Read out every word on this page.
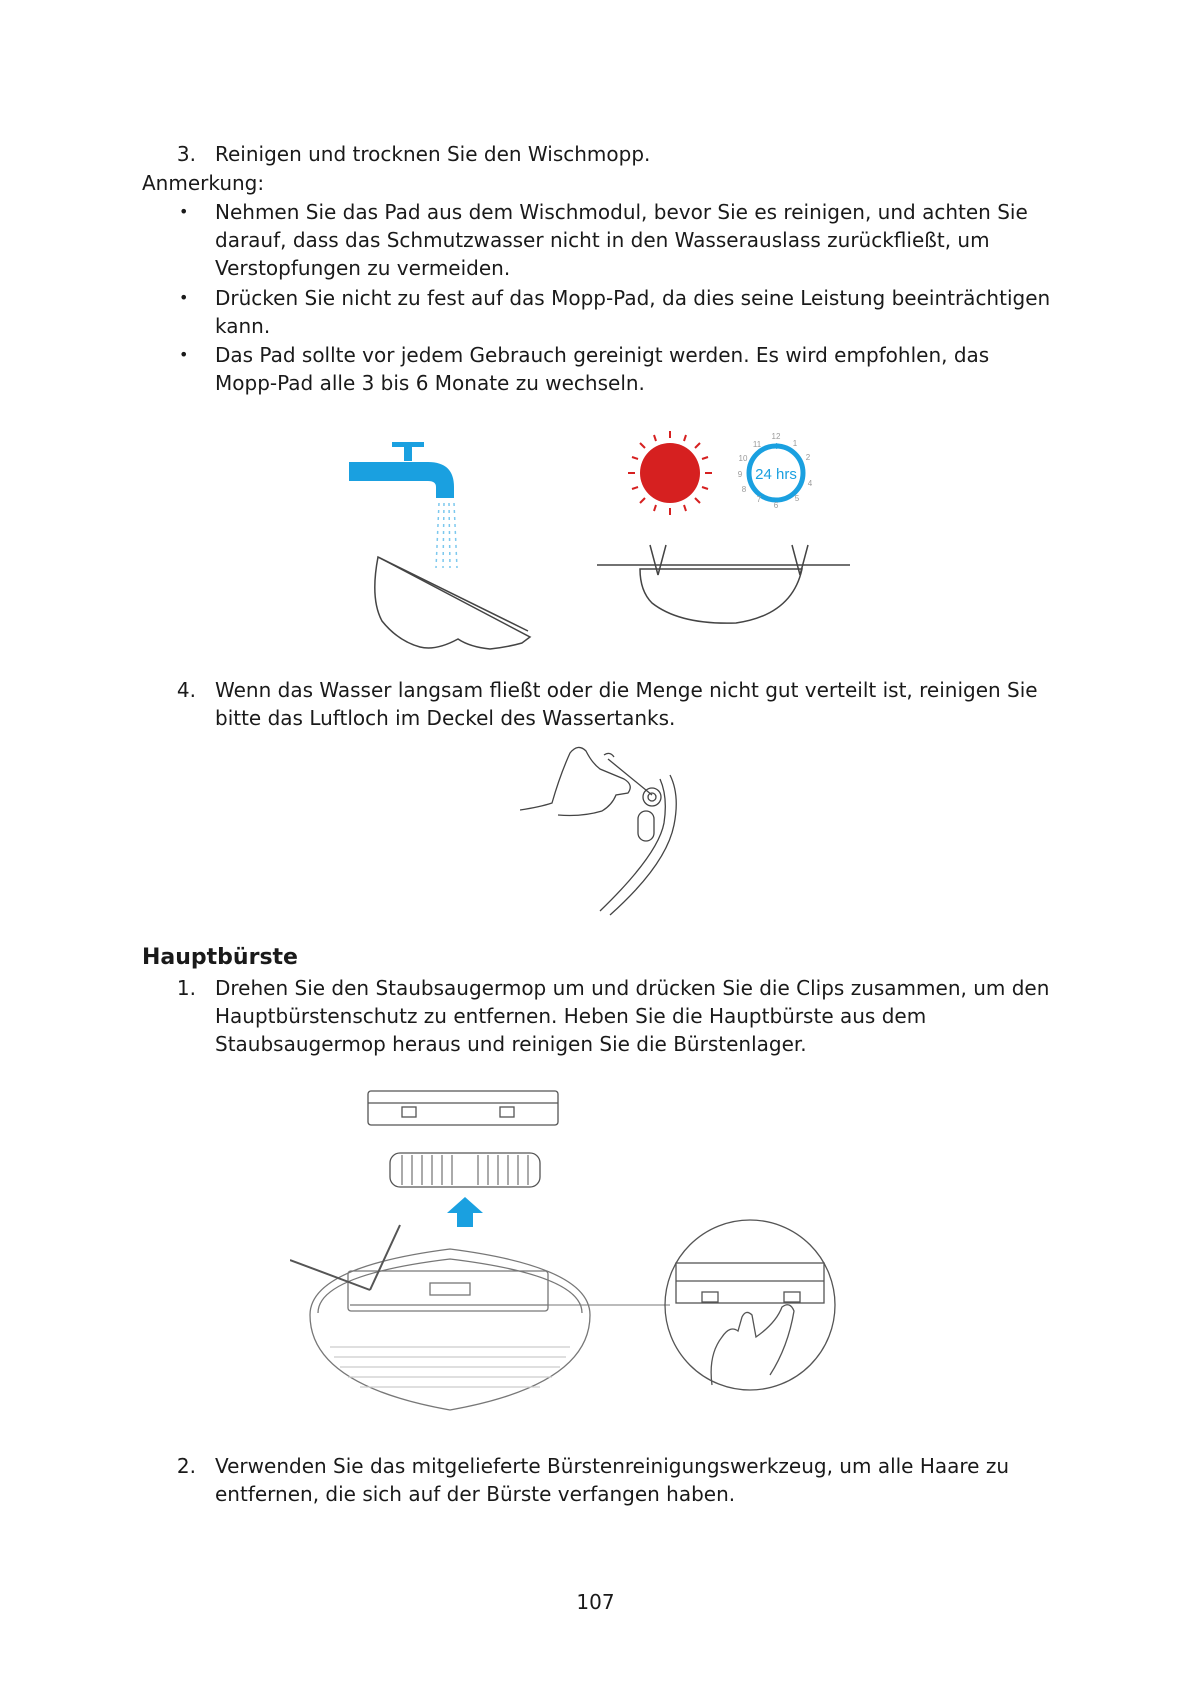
3. Reinigen und trocknen Sie den Wischmopp.
Anmerkung:
• Nehmen Sie das Pad aus dem Wischmodul, bevor Sie es reinigen, und achten Sie
darauf, dass das Schmutzwasser nicht in den Wasserauslass zurückfließt, um
Verstopfungen zu vermeiden.
• Drücken Sie nicht zu fest auf das Mopp-Pad, da dies seine Leistung beeinträchtigen
kann.
• Das Pad sollte vor jedem Gebrauch gereinigt werden. Es wird empfohlen, das
Mopp-Pad alle 3 bis 6 Monate zu wechseln.
24 hrs
12
1
2
4
5
6
7
8
9
10
11
4. Wenn das Wasser langsam fließt oder die Menge nicht gut verteilt ist, reinigen Sie
bitte das Luftloch im Deckel des Wassertanks.
Hauptbürste
1. Drehen Sie den Staubsaugermop um und drücken Sie die Clips zusammen, um den
Hauptbürstenschutz zu entfernen. Heben Sie die Hauptbürste aus dem
Staubsaugermop heraus und reinigen Sie die Bürstenlager.
2. Verwenden Sie das mitgelieferte Bürstenreinigungswerkzeug, um alle Haare zu
entfernen, die sich auf der Bürste verfangen haben.
107
